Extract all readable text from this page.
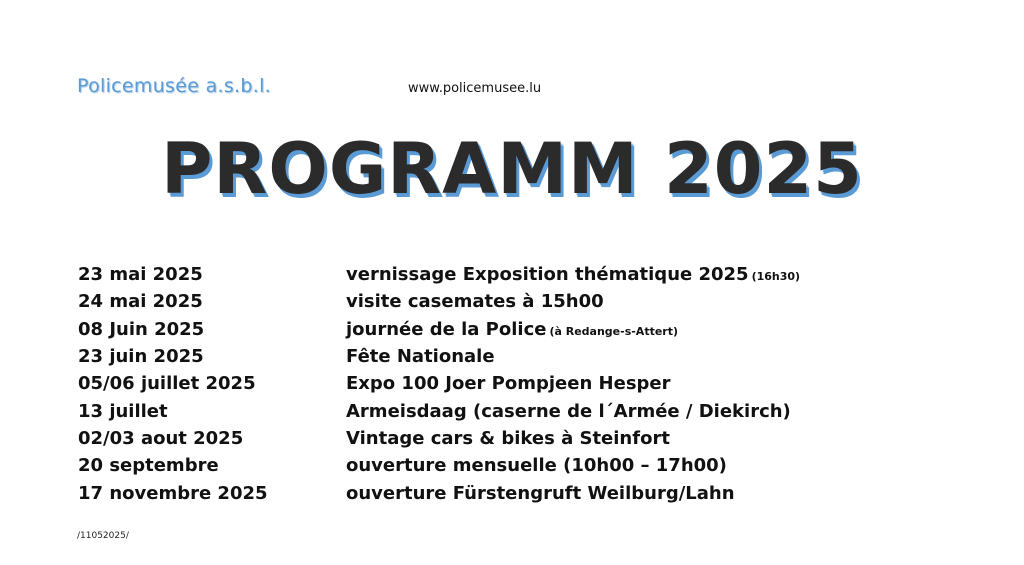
Policemusée a.s.b.l.	www.policemusee.lu
PROGRAMM 2025
23 mai 2025	vernissage Exposition thématique 2025 (16h30)
24 mai 2025	visite casemates à 15h00
08 Juin 2025	journée de la Police (à Redange-s-Attert)
23 juin 2025	Fête Nationale
05/06 juillet 2025	Expo 100 Joer Pompjeen Hesper
13 juillet	Armeisdaag (caserne de l´Armée / Diekirch)
02/03 aout 2025	Vintage cars & bikes à Steinfort
20 septembre	ouverture mensuelle (10h00 – 17h00)
17 novembre 2025	ouverture Fürstengruft Weilburg/Lahn
/11052025/
